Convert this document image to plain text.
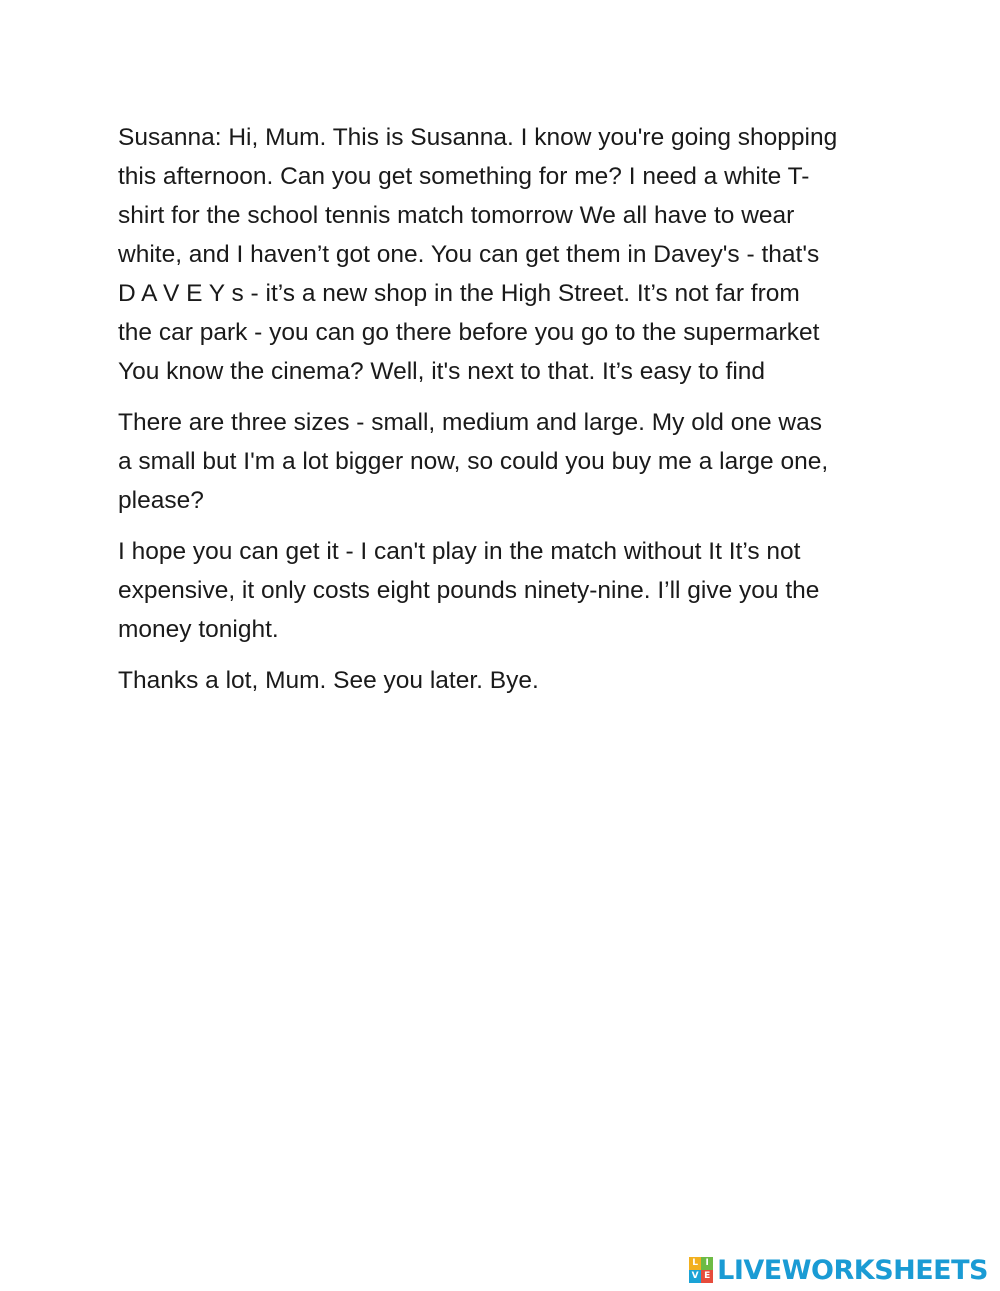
Susanna: Hi, Mum. This is Susanna. I know you're going shopping
this afternoon. Can you get something for me? I need a white T-
shirt for the school tennis match tomorrow We all have to wear
white, and I haven’t got one. You can get them in Davey's - that's
D A V E Y s - it’s a new shop in the High Street. It’s not far from
the car park - you can go there before you go to the supermarket
You know the cinema? Well, it's next to that. It’s easy to find

There are three sizes - small, medium and large. My old one was
a small but I'm a lot bigger now, so could you buy me a large one,
please?

I hope you can get it - I can't play in the match without It It’s not
expensive, it only costs eight pounds ninety-nine. I’ll give you the
money tonight.

Thanks a lot, Mum. See you later. Bye.

L I
V E LIVEWORKSHEETS
